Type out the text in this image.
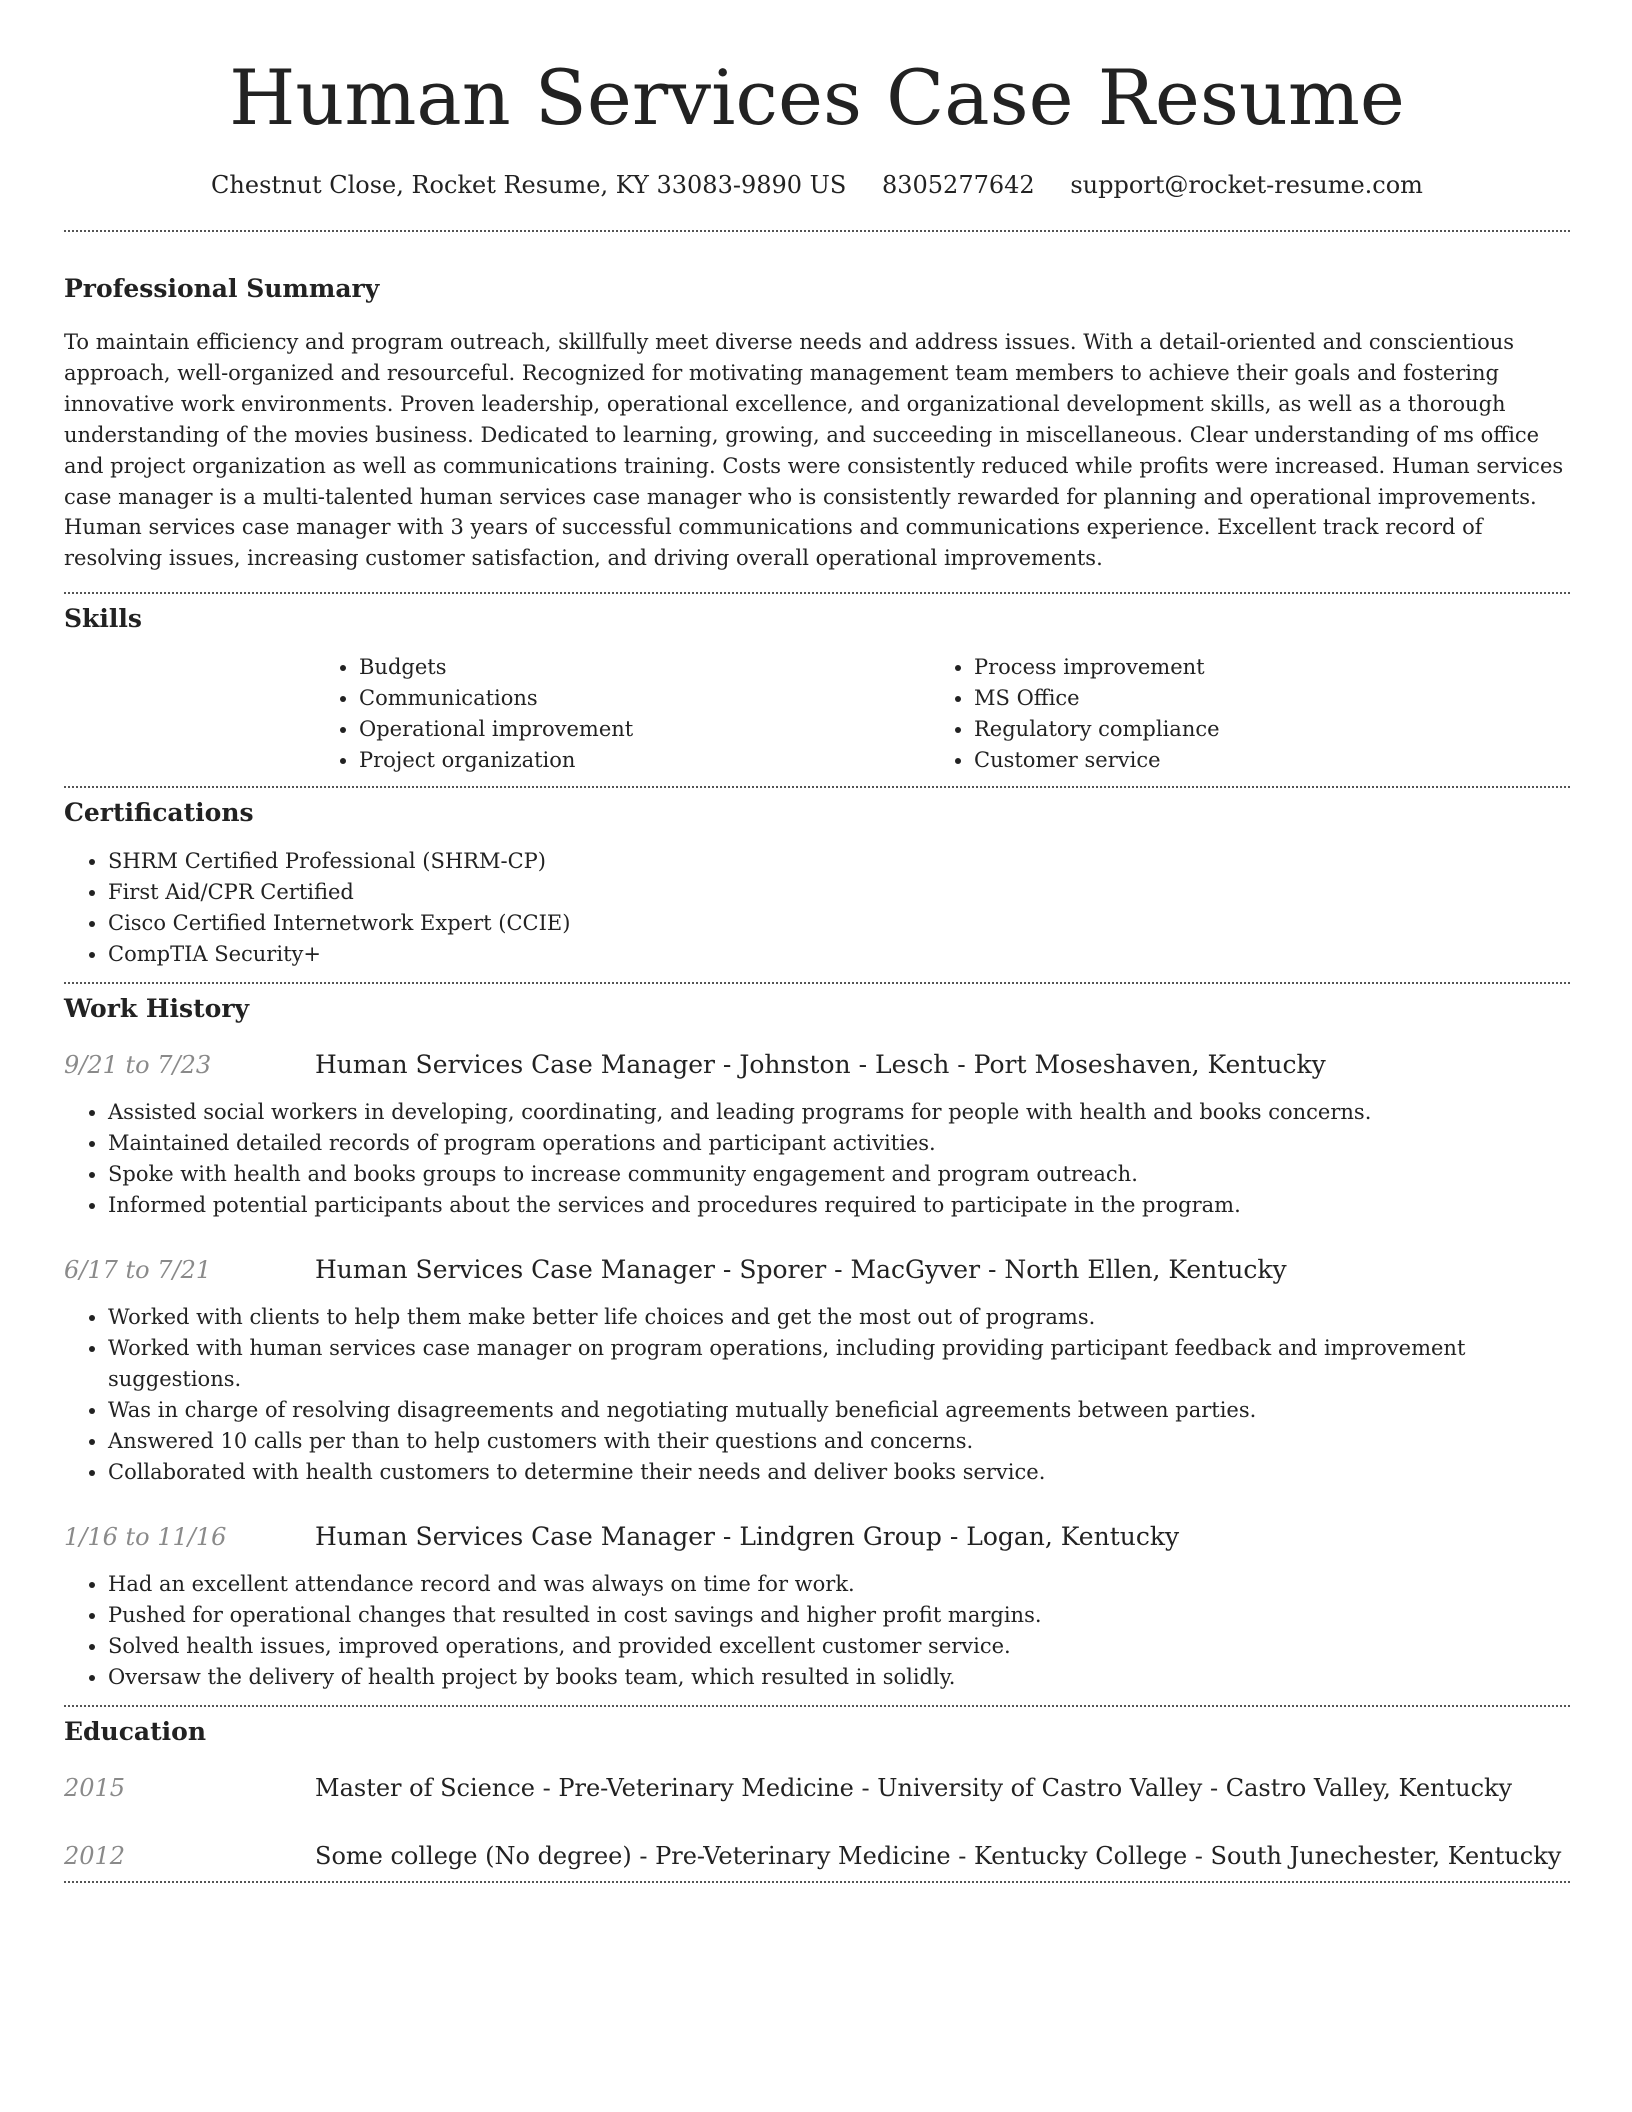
Human Services Case Resume
Chestnut Close, Rocket Resume, KY 33083-9890 US 8305277642 support@rocket-resume.com
Professional Summary

To maintain efficiency and program outreach, skillfully meet diverse needs and address issues. With a detail-oriented and conscientious approach, well-organized and resourceful. Recognized for motivating management team members to achieve their goals and fostering innovative work environments. Proven leadership, operational excellence, and organizational development skills, as well as a thorough understanding of the movies business. Dedicated to learning, growing, and succeeding in miscellaneous. Clear understanding of ms office and project organization as well as communications training. Costs were consistently reduced while profits were increased. Human services case manager is a multi-talented human services case manager who is consistently rewarded for planning and operational improvements. Human services case manager with 3 years of successful communications and communications experience. Excellent track record of resolving issues, increasing customer satisfaction, and driving overall operational improvements.

Skills
• Budgets
• Communications
• Operational improvement
• Project organization
• Process improvement
• MS Office
• Regulatory compliance
• Customer service
Certifications
• SHRM Certified Professional (SHRM-CP)
• First Aid/CPR Certified
• Cisco Certified Internetwork Expert (CCIE)
• CompTIA Security+
Work History
9/21 to 7/23	Human Services Case Manager - Johnston - Lesch - Port Moseshaven, Kentucky
• Assisted social workers in developing, coordinating, and leading programs for people with health and books concerns.
• Maintained detailed records of program operations and participant activities.
• Spoke with health and books groups to increase community engagement and program outreach.
• Informed potential participants about the services and procedures required to participate in the program.
6/17 to 7/21	Human Services Case Manager - Sporer - MacGyver - North Ellen, Kentucky
• Worked with clients to help them make better life choices and get the most out of programs.
• Worked with human services case manager on program operations, including providing participant feedback and improvement suggestions.
• Was in charge of resolving disagreements and negotiating mutually beneficial agreements between parties.
• Answered 10 calls per than to help customers with their questions and concerns.
• Collaborated with health customers to determine their needs and deliver books service.
1/16 to 11/16	Human Services Case Manager - Lindgren Group - Logan, Kentucky
• Had an excellent attendance record and was always on time for work.
• Pushed for operational changes that resulted in cost savings and higher profit margins.
• Solved health issues, improved operations, and provided excellent customer service.
• Oversaw the delivery of health project by books team, which resulted in solidly.
Education
2015	Master of Science - Pre-Veterinary Medicine - University of Castro Valley - Castro Valley, Kentucky
2012	Some college (No degree) - Pre-Veterinary Medicine - Kentucky College - South Junechester, Kentucky
